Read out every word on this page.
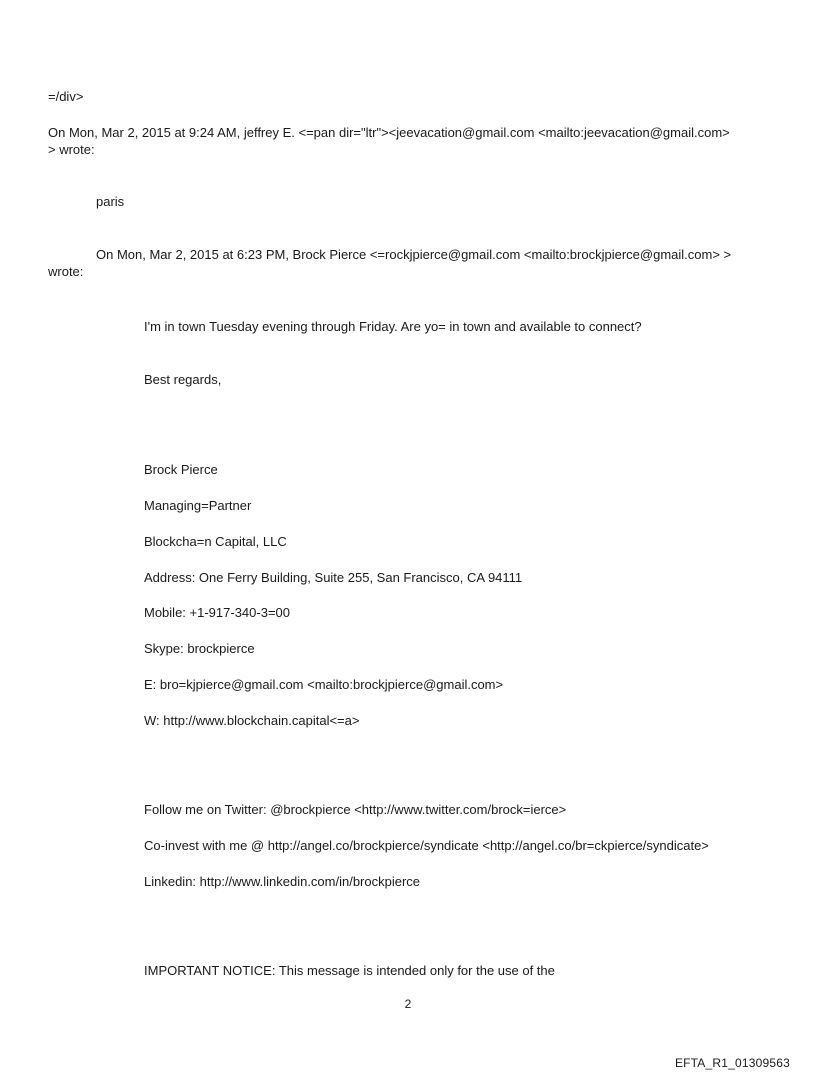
=/div>
On Mon, Mar 2, 2015 at 9:24 AM, jeffrey E. <=pan dir="ltr"><jeevacation@gmail.com <mailto:jeevacation@gmail.com>
> wrote:
paris
On Mon, Mar 2, 2015 at 6:23 PM, Brock Pierce <=rockjpierce@gmail.com <mailto:brockjpierce@gmail.com> >
wrote:
I'm in town Tuesday evening through Friday. Are yo= in town and available to connect?
Best regards,
Brock Pierce
Managing=Partner
Blockcha=n Capital, LLC
Address: One Ferry Building, Suite 255, San Francisco, CA 94111
Mobile: +1-917-340-3=00
Skype: brockpierce
E: bro=kjpierce@gmail.com <mailto:brockjpierce@gmail.com>
W: http://www.blockchain.capital<=a>
Follow me on Twitter: @brockpierce <http://www.twitter.com/brock=ierce>
Co-invest with me @ http://angel.co/brockpierce/syndicate <http://angel.co/br=ckpierce/syndicate>
Linkedin: http://www.linkedin.com/in/brockpierce
IMPORTANT NOTICE: This message is intended only for the use of the
2
EFTA_R1_01309563
